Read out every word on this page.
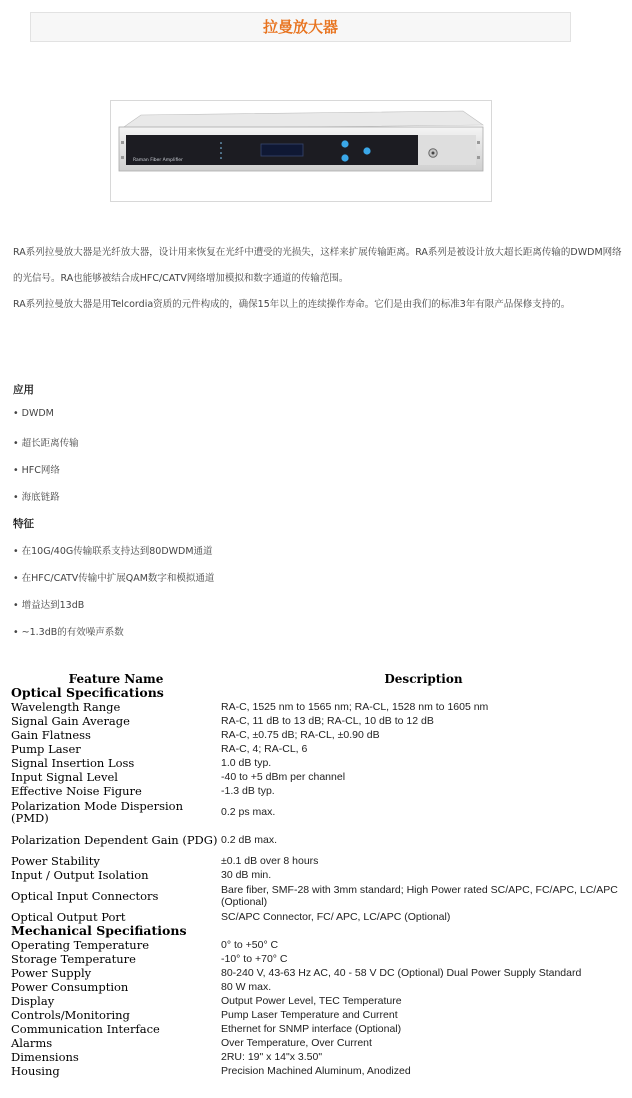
拉曼放大器
Raman Fiber Amplifier

RA系列拉曼放大器是光纤放大器，设计用来恢复在光纤中遭受的光损失，这样来扩展传输距离。RA系列是被设计放大超长距离传输的DWDM网络的光信号。RA也能够被结合成HFC/CATV网络增加模拟和数字通道的传输范围。

RA系列拉曼放大器是用Telcordia资质的元件构成的，确保15年以上的连续操作寿命。它们是由我们的标准3年有限产品保修支持的。

应用
• DWDM
• 超长距离传输
• HFC网络
• 海底链路
特征
• 在10G/40G传输联系支持达到80DWDM通道
• 在HFC/CATV传输中扩展QAM数字和模拟通道
• 增益达到13dB
• ~1.3dB的有效噪声系数
Feature Name	Description
Optical Specifications	
Wavelength Range	RA-C, 1525 nm to 1565 nm; RA-CL, 1528 nm to 1605 nm
Signal Gain Average	RA-C, 11 dB to 13 dB; RA-CL, 10 dB to 12 dB
Gain Flatness	RA-C, ±0.75 dB; RA-CL, ±0.90 dB
Pump Laser	RA-C, 4; RA-CL, 6
Signal Insertion Loss	1.0 dB typ.
Input Signal Level	-40 to +5 dBm per channel
Effective Noise Figure	-1.3 dB typ.
Polarization Mode Dispersion (PMD)	0.2 ps max.
Polarization Dependent Gain (PDG)	0.2 dB max.
Power Stability	±0.1 dB over 8 hours
Input / Output Isolation	30 dB min.
Optical Input Connectors	Bare fiber, SMF-28 with 3mm standard; High Power rated SC/APC, FC/APC, LC/APC (Optional)
Optical Output Port	SC/APC Connector, FC/ APC, LC/APC (Optional)
Mechanical Specifiations	
Operating Temperature	0° to +50° C
Storage Temperature	-10° to +70° C
Power Supply	80-240 V, 43-63 Hz AC, 40 - 58 V DC (Optional) Dual Power Supply Standard
Power Consumption	80 W max.
Display	Output Power Level, TEC Temperature
Controls/Monitoring	Pump Laser Temperature and Current
Communication Interface	Ethernet for SNMP interface (Optional)
Alarms	Over Temperature, Over Current
Dimensions	2RU: 19" x 14"x 3.50"
Housing	Precision Machined Aluminum, Anodized
